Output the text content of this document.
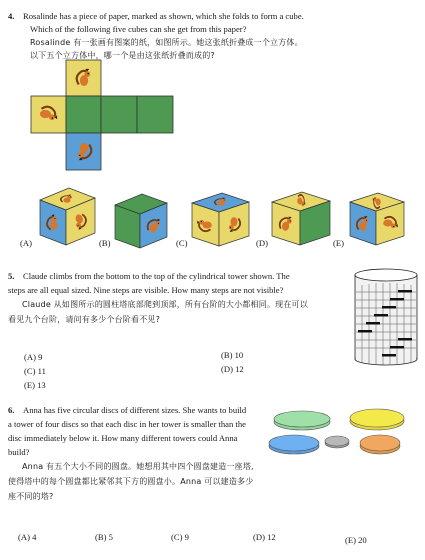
4. Rosalinde has a piece of paper, marked as shown, which she folds to form a cube.
Which of the following five cubes can she get from this paper?
Rosalinde 有一张画有图案的纸，如图所示。她这张纸折叠成一个立方体。
以下五个立方体中，哪一个是由这张纸折叠而成的?
(A)	(B)	(C)	(D)	(E)
5. Claude climbs from the bottom to the top of the cylindrical tower shown. The
steps are all equal sized. Nine steps are visible. How many steps are not visible?
Claude 从如图所示的圆柱塔底部爬到顶部，所有台阶的大小都相同。现在可以
看见九个台阶，请问有多少个台阶看不见?
(A) 9	(B) 10
(C) 11	(D) 12
(E) 13
6. Anna has five circular discs of different sizes. She wants to build
a tower of four discs so that each disc in her tower is smaller than the
disc immediately below it. How many different towers could Anna
build?
Anna 有五个大小不同的圆盘。她想用其中四个圆盘建造一座塔,
使得塔中的每个圆盘都比紧邻其下方的圆盘小。Anna 可以建造多少
座不同的塔?
(A) 4	(B) 5	(C) 9	(D) 12	(E) 20
